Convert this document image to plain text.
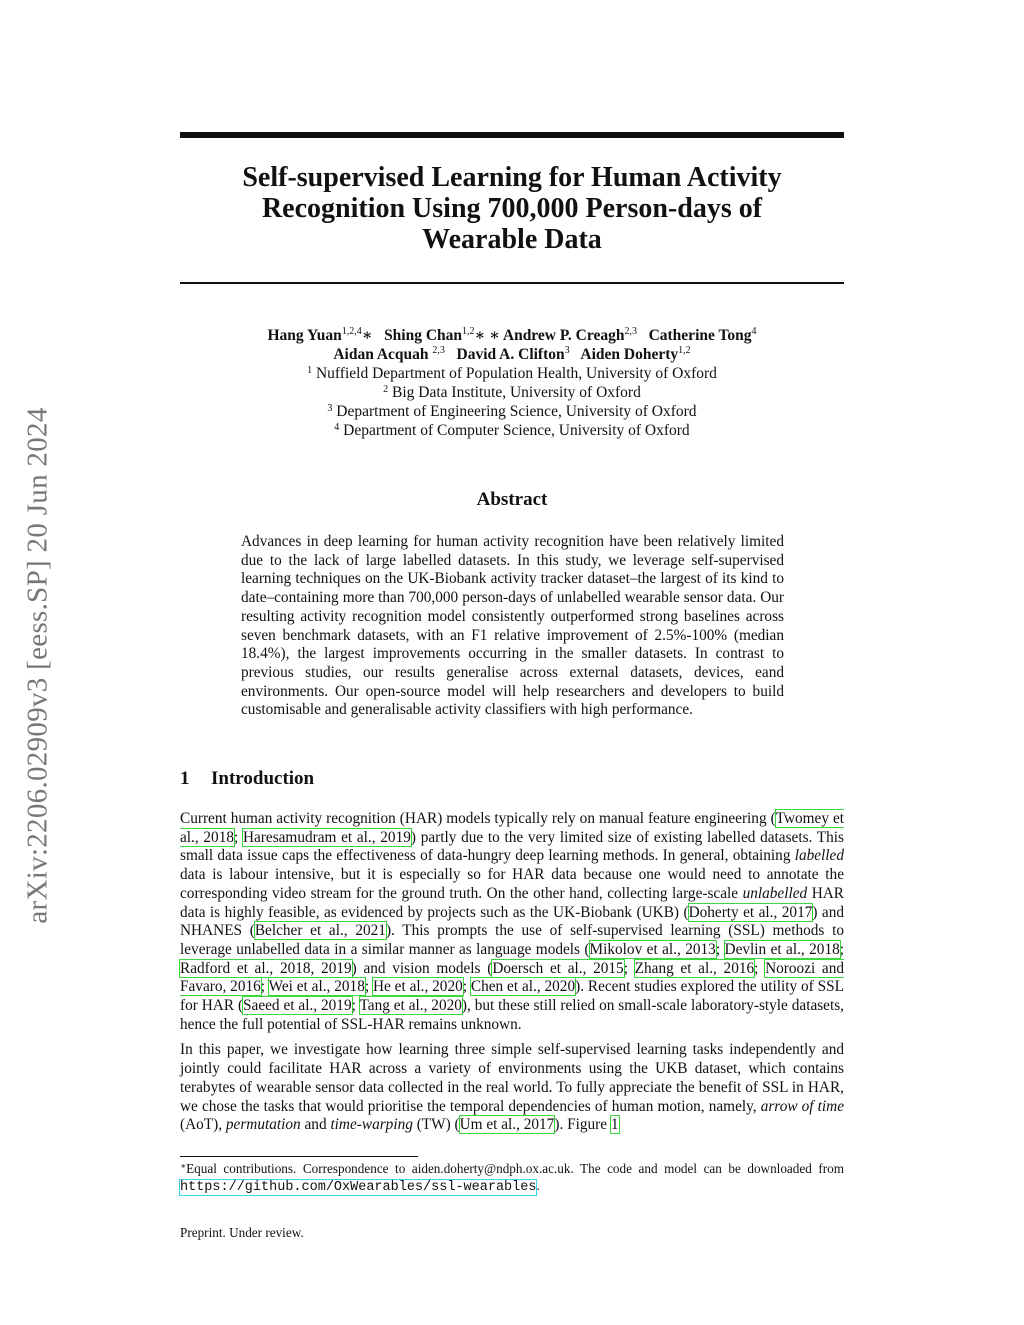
arXiv:2206.02909v3 [eess.SP] 20 Jun 2024
Self-supervised Learning for Human Activity
Recognition Using 700,000 Person-days of
Wearable Data
Hang Yuan$^{1,2,4}$∗ Shing Chan$^{1,2}$∗ ∗ Andrew P. Creagh$^{2,3}$ Catherine Tong$^4$
Aidan Acquah $^{2,3}$ David A. Clifton$^3$ Aiden Doherty$^{1,2}$
$^1$ Nuffield Department of Population Health, University of Oxford
$^2$ Big Data Institute, University of Oxford
$^3$ Department of Engineering Science, University of Oxford
$^4$ Department of Computer Science, University of Oxford
Abstract

Advances in deep learning for human activity recognition have been relatively limited due to the lack of large labelled datasets. In this study, we leverage self-supervised learning techniques on the UK-Biobank activity tracker dataset–the largest of its kind to date–containing more than 700,000 person-days of unlabelled wearable sensor data. Our resulting activity recognition model consistently outperformed strong baselines across seven benchmark datasets, with an F1 relative improvement of 2.5%-100% (median 18.4%), the largest improvements occurring in the smaller datasets. In contrast to previous studies, our results generalise across external datasets, devices, eand environments. Our open-source model will help researchers and developers to build customisable and generalisable activity classifiers with high performance.

1 Introduction

Current human activity recognition (HAR) models typically rely on manual feature engineering (Twomey et al., 2018; Haresamudram et al., 2019) partly due to the very limited size of existing labelled datasets. This small data issue caps the effectiveness of data-hungry deep learning methods. In general, obtaining labelled data is labour intensive, but it is especially so for HAR data because one would need to annotate the corresponding video stream for the ground truth. On the other hand, collecting large-scale unlabelled HAR data is highly feasible, as evidenced by projects such as the UK-Biobank (UKB) (Doherty et al., 2017) and NHANES (Belcher et al., 2021). This prompts the use of self-supervised learning (SSL) methods to leverage unlabelled data in a similar manner as language models (Mikolov et al., 2013; Devlin et al., 2018; Radford et al., 2018, 2019) and vision models (Doersch et al., 2015; Zhang et al., 2016; Noroozi and Favaro, 2016; Wei et al., 2018; He et al., 2020; Chen et al., 2020). Recent studies explored the utility of SSL for HAR (Saeed et al., 2019; Tang et al., 2020), but these still relied on small-scale laboratory-style datasets, hence the full potential of SSL-HAR remains unknown.

In this paper, we investigate how learning three simple self-supervised learning tasks independently and jointly could facilitate HAR across a variety of environments using the UKB dataset, which contains terabytes of wearable sensor data collected in the real world. To fully appreciate the benefit of SSL in HAR, we chose the tasks that would prioritise the temporal dependencies of human motion, namely, arrow of time (AoT), permutation and time-warping (TW) (Um et al., 2017). Figure 1

∗Equal contributions. Correspondence to aiden.doherty@ndph.ox.ac.uk. The code and model can be downloaded from https://github.com/OxWearables/ssl-wearables.
Preprint. Under review.
